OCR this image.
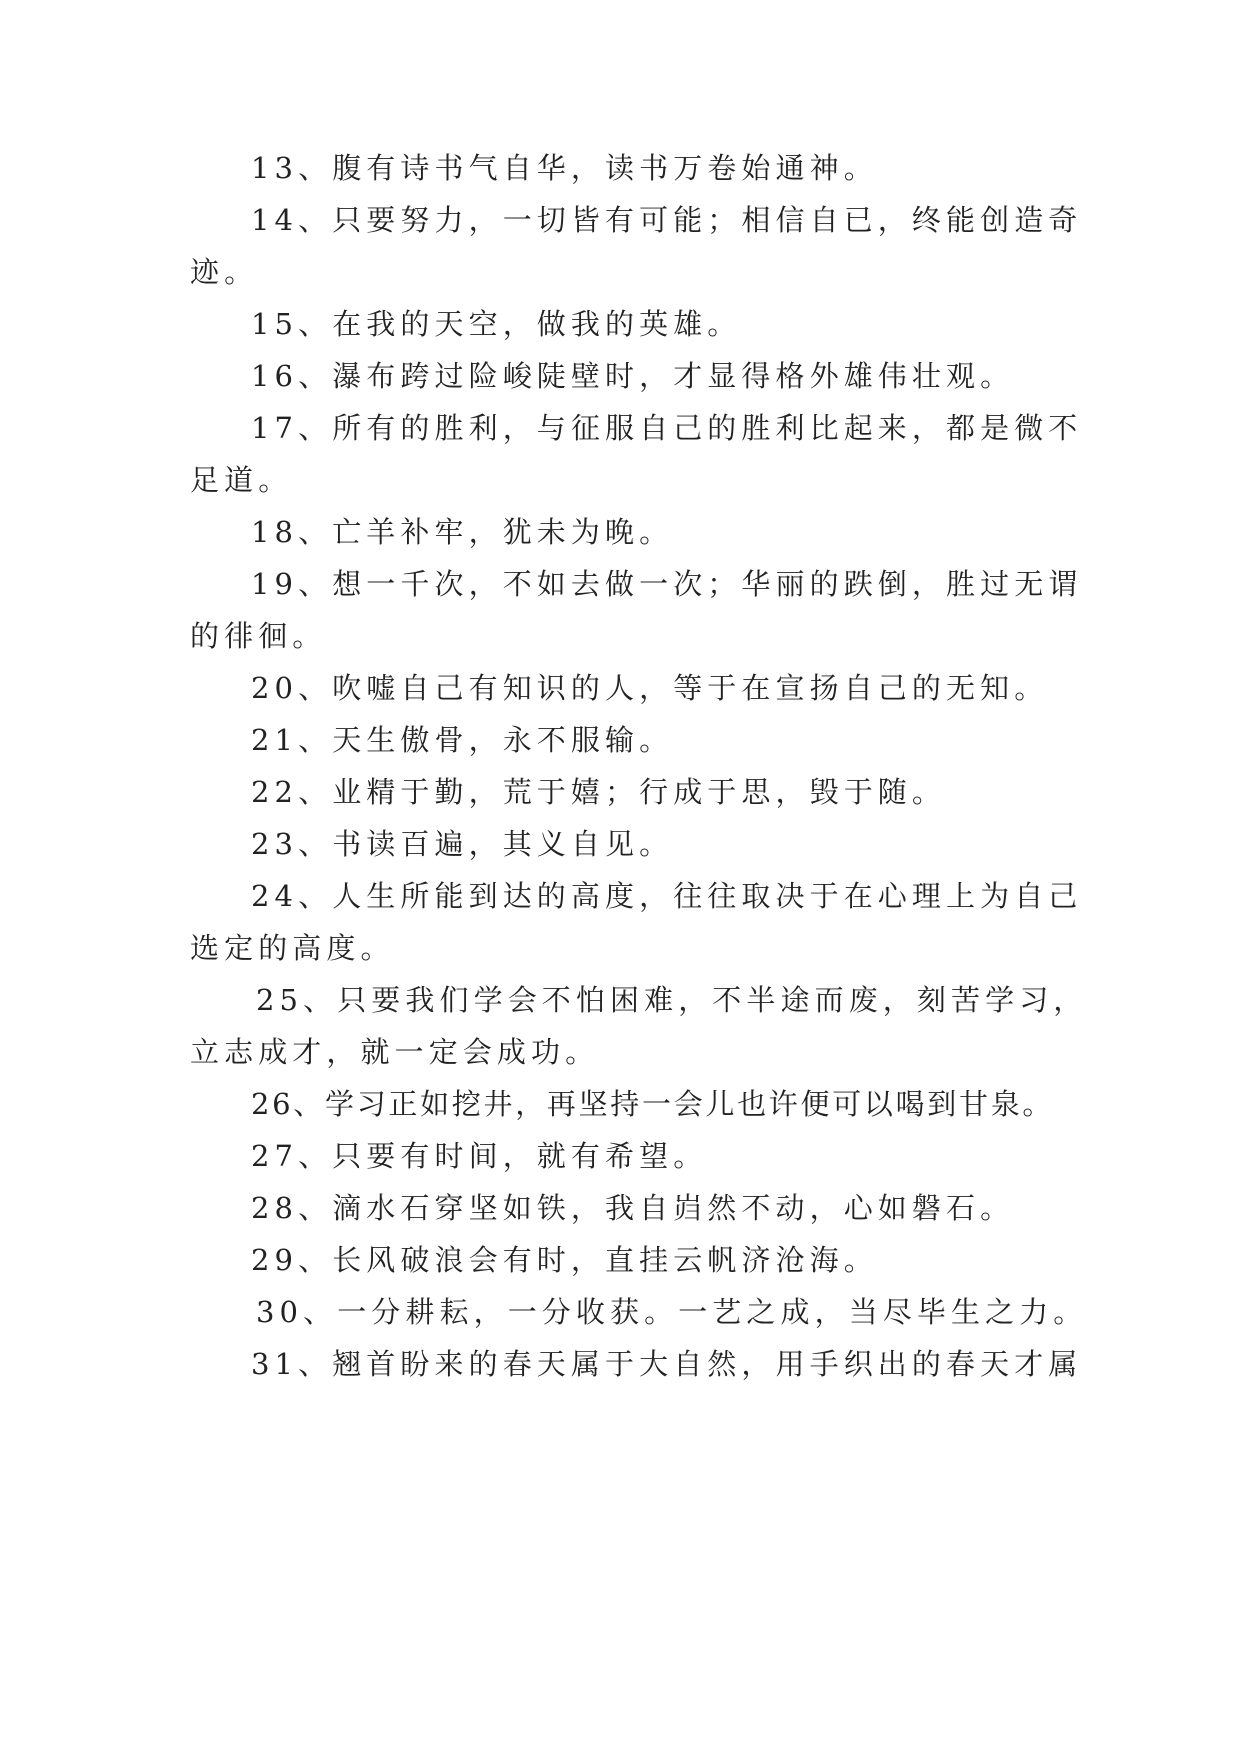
13、腹有诗书气自华，读书万卷始通神。
14、只要努力，一切皆有可能；相信自已，终能创造奇
迹。
15、在我的天空，做我的英雄。
16、瀑布跨过险峻陡壁时，才显得格外雄伟壮观。
17、所有的胜利，与征服自己的胜利比起来，都是微不
足道。
18、亡羊补牢，犹未为晚。
19、想一千次，不如去做一次；华丽的跌倒，胜过无谓
的徘徊。
20、吹嘘自己有知识的人，等于在宣扬自己的无知。
21、天生傲骨，永不服输。
22、业精于勤，荒于嬉；行成于思，毁于随。
23、书读百遍，其义自见。
24、人生所能到达的高度，往往取决于在心理上为自己
选定的高度。
25、只要我们学会不怕困难，不半途而废，刻苦学习，
立志成才，就一定会成功。
26、学习正如挖井，再坚持一会儿也许便可以喝到甘泉。
27、只要有时间，就有希望。
28、滴水石穿坚如铁，我自岿然不动，心如磐石。
29、长风破浪会有时，直挂云帆济沧海。
30、一分耕耘，一分收获。一艺之成，当尽毕生之力。
31、翘首盼来的春天属于大自然，用手织出的春天才属
